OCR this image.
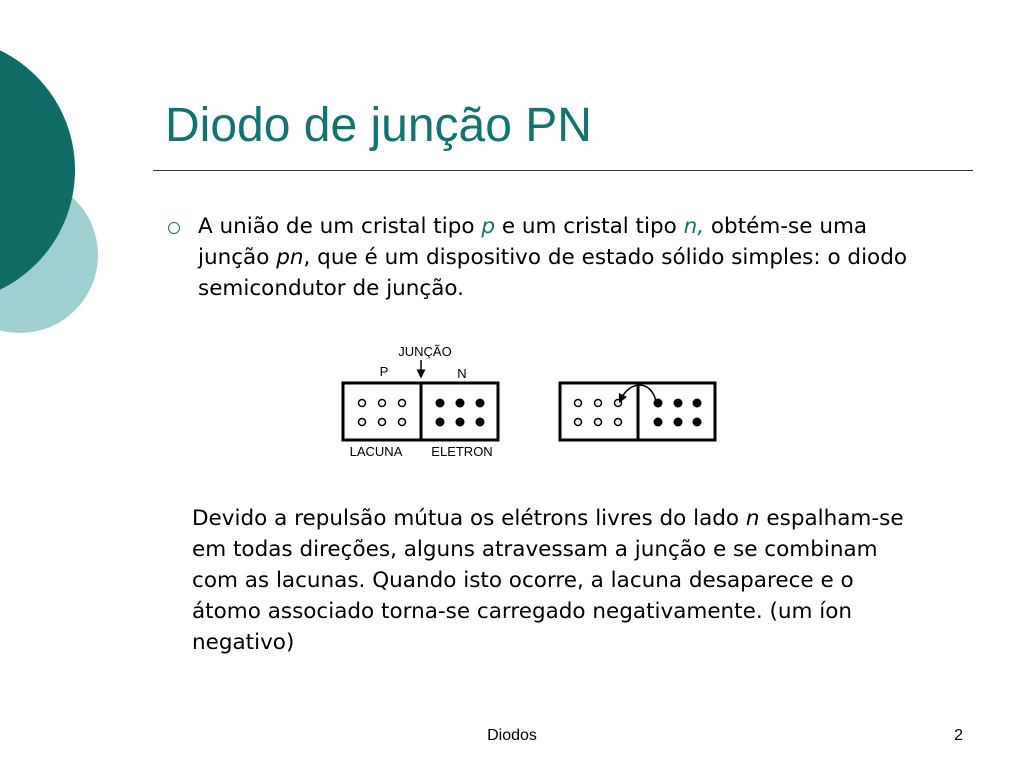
Diodo de junção PN

A união de um cristal tipo p e um cristal tipo n, obtém-se uma junção pn, que é um dispositivo de estado sólido simples: o diodo semicondutor de junção.

JUNÇÃO
P	N
LACUNA ELETRON

Devido a repulsão mútua os elétrons livres do lado n espalham-se em todas direções, alguns atravessam a junção e se combinam com as lacunas. Quando isto ocorre, a lacuna desaparece e o átomo associado torna-se carregado negativamente. (um íon negativo)

Diodos	2
